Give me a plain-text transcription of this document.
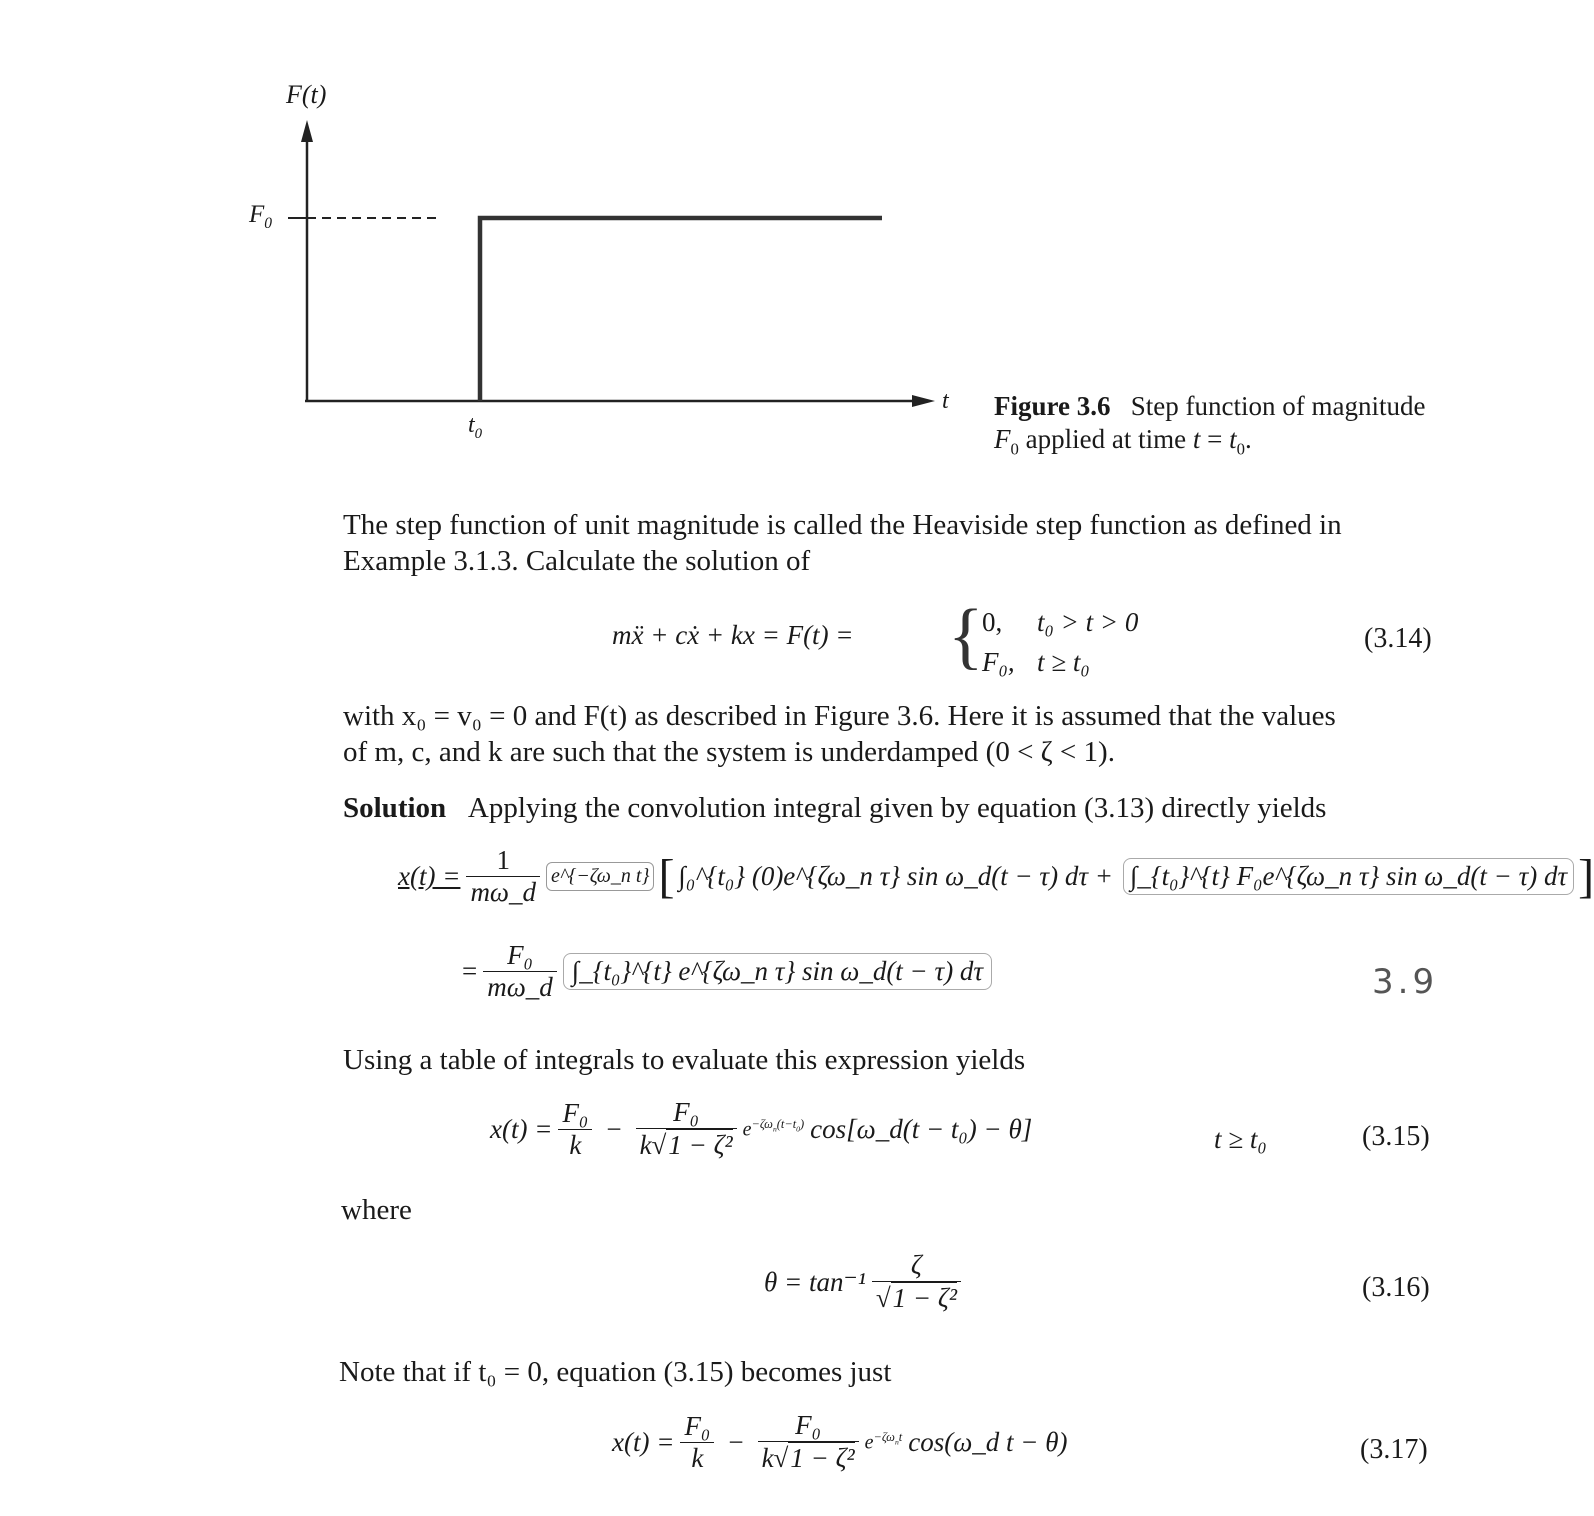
F(t)
$F_0$
t
$t_0$
Figure 3.6 Step function of magnitude
$F_0$ applied at time $t = t_0$.
The step function of unit magnitude is called the Heaviside step function as defined in
Example 3.1.3. Calculate the solution of
mẍ + cẋ + kx = F(t) = {
0, t₀ > t > 0
F₀, t ≥ t₀
(3.14)
with x₀ = v₀ = 0 and F(t) as described in Figure 3.6. Here it is assumed that the values
of m, c, and k are such that the system is underdamped (0 < ζ < 1).
Solution Applying the convolution integral given by equation (3.13) directly yields
$x(t) = \frac{1}{m\omega\_d}$ e^{−ζω_n t} [ ∫₀^{t₀} (0)e^{ζω_n τ} sin ω_d(t − τ) dτ + ∫_{t₀}^{t} F₀e^{ζω_n τ} sin ω_d(t − τ) dτ ]
= $\frac{\text{F₀}}{m\omega\_d}$ ∫_{t₀}^{t} e^{ζω_n τ} sin ω_d(t − τ) dτ	3.9
Using a table of integrals to evaluate this expression yields
$x(t) = \frac{\text{F₀}}{k} - \frac{\text{F₀}}{\text{k√1 − ζ²}} e^{-\zeta\omega_n(t-t_0)}$ cos[ω_d(t − t₀) − θ]	t ≥ t₀	(3.15)
where
$\theta = \tan^{-1} \frac{\zeta}{\text{√1 − ζ²}}$	(3.16)
Note that if t₀ = 0, equation (3.15) becomes just
$x(t) = \frac{\text{F₀}}{k} - \frac{\text{F₀}}{\text{k√1 − ζ²}} e^{-\zeta\omega_nt}$ cos(ω_d t − θ)	(3.17)
